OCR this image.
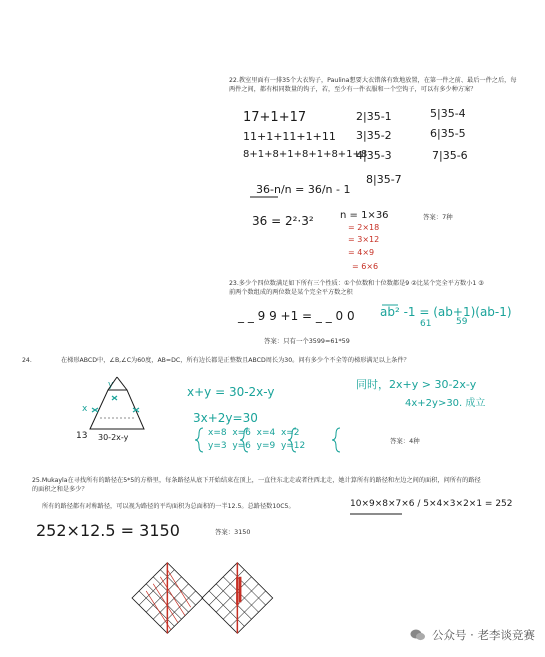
22.教室里面有一排35个大衣钩子，Paulina想要大衣错落有致地放置，在第一件之前、最后一件之后，每两件之间，都有相同数量的钩子，若，至少有一件衣服和一个空钩子，可以有多少种方案？
17+1+17
11+1+11+1+11
8+1+8+1+8+1+8+1+8
2|35-1
3|35-2
4|35-3
8|35-7
5|35-4
6|35-5
7|35-6
36-n/n = 36/n - 1
36 = 2²·3²	n = 1×36
= 2×18
= 3×12
= 4×9
= 6×6
答案：7种
23.多少个四位数满足如下所有三个性质：①个位数和十位数都是9 ②比某个完全平方数小1 ③前两个数组成的两位数是某个完全平方数之积
_ _ 9 9 +1 = _ _ 0 0 ab² -1 = (ab+1)(ab-1)
61	59
答案：只有一个3599=61*59
24.	在梯形ABCD中，∠B,∠C为60度，AB=DC，所有边长都是正整数且ABCD周长为30。问有多少个不全等的梯形满足以上条件？
x+y = 30-2x-y
3x+2y=30
x=8  x=6  x=4  x=2
y=3  y=6  y=9  y=12
同时，2x+y > 30-2x-y
4x+2y>30. 成立
答案：4种
13 30-2x-y
x
y
25.Mukayla在寻找所有的路径在5*5的方格里，每条路径从底下开始结束在顶上，一直往东北走或者往西北走，她计算所有的路径和左边之间的面积，问所有的路径的面积之和是多少？
所有的路径都有对称路径，可以视为路径的平均面积为总面积的一半12.5。总路径数10C5。
252×12.5 = 3150	答案：3150
10×9×8×7×6 / 5×4×3×2×1 = 252
公众号 · 老李谈竞赛
